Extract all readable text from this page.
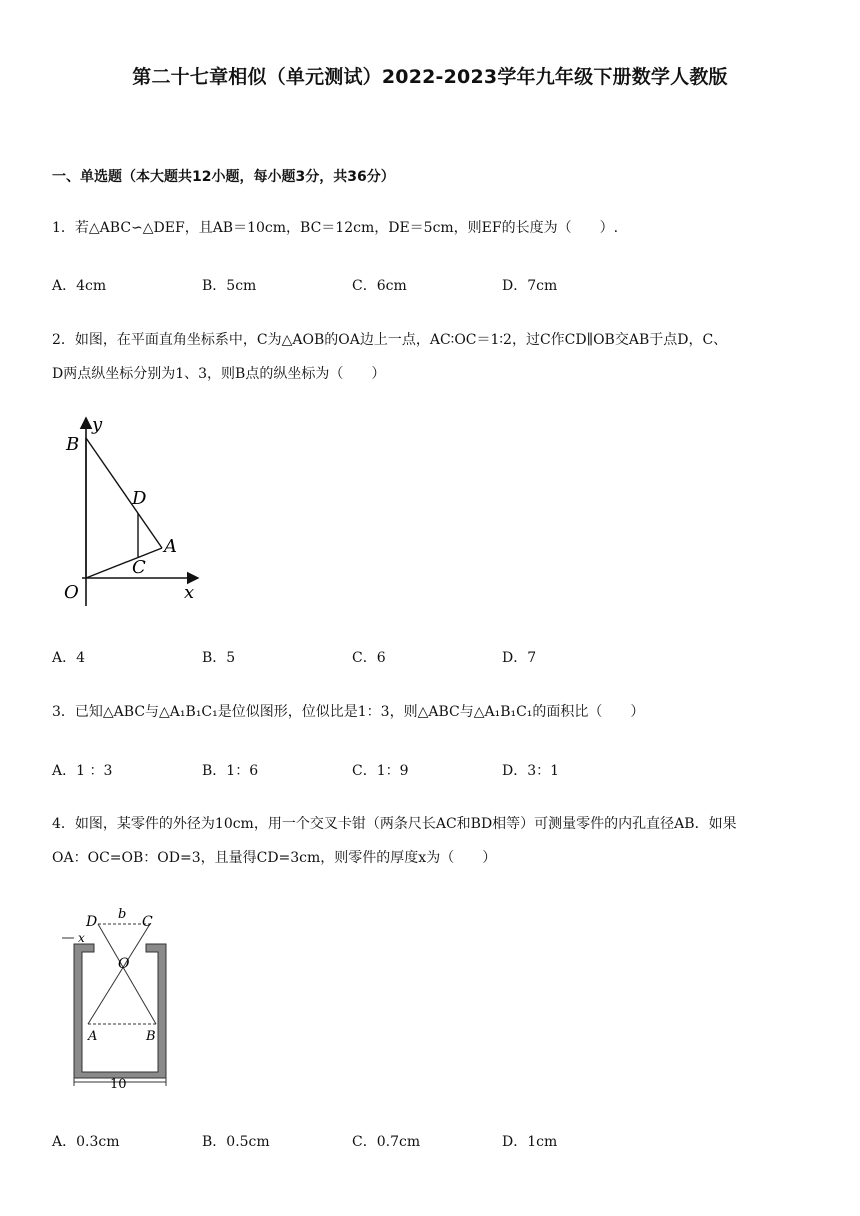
第二十七章相似（单元测试）2022-2023学年九年级下册数学人教版
一、单选题（本大题共12小题，每小题3分，共36分）
1．若△ABC∽△DEF，且AB＝10cm，BC＝12cm，DE＝5cm，则EF的长度为（　　）.
A．4cm	B．5cm	C．6cm	D．7cm
2．如图，在平面直角坐标系中，C为△AOB的OA边上一点，AC∶OC＝1∶2，过C作CD∥OB交AB于点D，C、
D两点纵坐标分别为1、3，则B点的纵坐标为（　　）
B
y
D
A
C
O	x
A．4	B．5	C．6	D．7
3．已知△ABC与△A₁B₁C₁是位似图形，位似比是1：3，则△ABC与△A₁B₁C₁的面积比（　　）
A．1 ：3	B．1：6	C．1：9	D．3：1
4．如图，某零件的外径为10cm，用一个交叉卡钳（两条尺长AC和BD相等）可测量零件的内孔直径AB．如果
OA：OC=OB：OD=3，且量得CD=3cm，则零件的厚度x为（　　）
D b C
x
O
A	B
10
A．0.3cm	B．0.5cm	C．0.7cm	D．1cm
